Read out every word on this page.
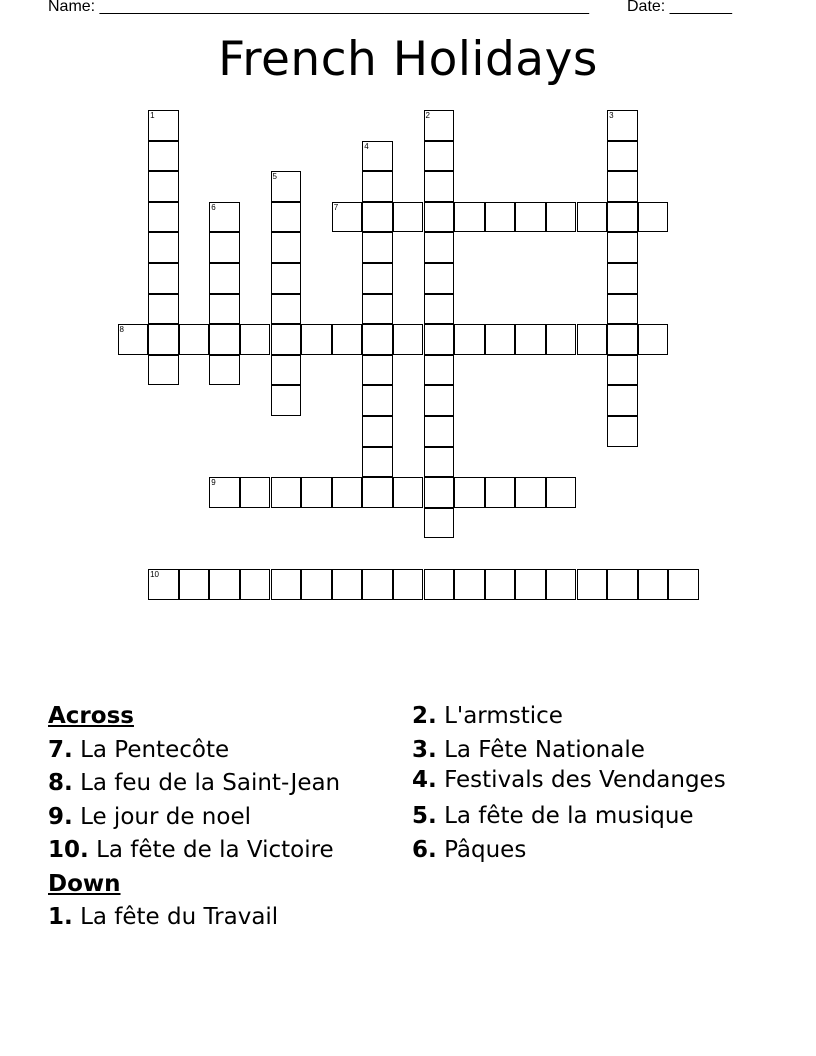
Name: _______________________________________________________ Date: _______
French Holidays
1	2	3
4
5
6	7
8
9
10
Across
7. La Pentecôte
8. La feu de la Saint-Jean
9. Le jour de noel
10. La fête de la Victoire
Down
1. La fête du Travail
2. L'armstice
3. La Fête Nationale
4. Festivals des Vendanges
5. La fête de la musique
6. Pâques
